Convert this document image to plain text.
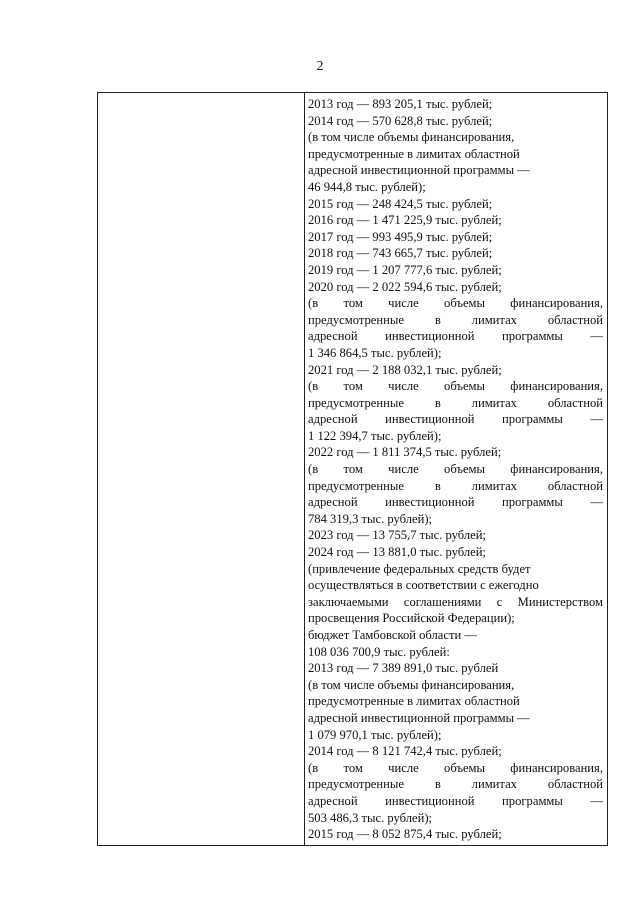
2
2013 год — 893 205,1 тыс. рублей;
2014 год — 570 628,8 тыс. рублей;
(в том числе объемы финансирования,
предусмотренные в лимитах областной
адресной инвестиционной программы —
46 944,8 тыс. рублей);
2015 год — 248 424,5 тыс. рублей;
2016 год — 1 471 225,9 тыс. рублей;
2017 год — 993 495,9 тыс. рублей;
2018 год — 743 665,7 тыс. рублей;
2019 год — 1 207 777,6 тыс. рублей;
2020 год — 2 022 594,6 тыс. рублей;
(в том числе объемы финансирования,
предусмотренные в лимитах областной
адресной инвестиционной программы —
1 346 864,5 тыс. рублей);
2021 год — 2 188 032,1 тыс. рублей;
(в том числе объемы финансирования,
предусмотренные в лимитах областной
адресной инвестиционной программы —
1 122 394,7 тыс. рублей);
2022 год — 1 811 374,5 тыс. рублей;
(в том числе объемы финансирования,
предусмотренные в лимитах областной
адресной инвестиционной программы —
784 319,3 тыс. рублей);
2023 год — 13 755,7 тыс. рублей;
2024 год — 13 881,0 тыс. рублей;
(привлечение федеральных средств будет
осуществляться в соответствии с ежегодно
заключаемыми соглашениями с Министерством
просвещения Российской Федерации);
бюджет Тамбовской области —
108 036 700,9 тыс. рублей:
2013 год — 7 389 891,0 тыс. рублей
(в том числе объемы финансирования,
предусмотренные в лимитах областной
адресной инвестиционной программы —
1 079 970,1 тыс. рублей);
2014 год — 8 121 742,4 тыс. рублей;
(в том числе объемы финансирования,
предусмотренные в лимитах областной
адресной инвестиционной программы —
503 486,3 тыс. рублей);
2015 год — 8 052 875,4 тыс. рублей;
